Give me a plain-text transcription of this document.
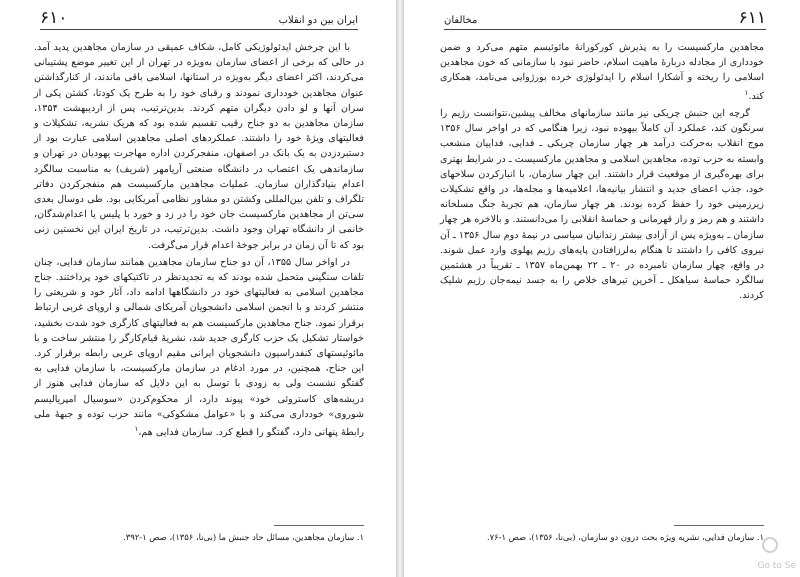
۶۱۰	ایران بین دو انقلاب

با این چرخش ایدئولوژیکی کامل، شکاف عمیقی در سازمان مجاهدین پدید آمد. در حالی که برخی از اعضای سازمان به‌ویژه در تهران از این تغییر موضع پشتیبانی می‌کردند، اکثر اعضای دیگر به‌ویژه در استانها، اسلامی باقی ماندند، از کنارگذاشتن عنوان مجاهدین خودداری نمودند و رقبای خود را به طرح یک کودتا، کشتن یکی از سران آنها و لو دادن دیگران متهم کردند. بدین‌ترتیب، پس از اردیبهشت ۱۳۵۴، سازمان مجاهدین به دو جناح رقیب تقسیم شده بود که هریک نشریه، تشکیلات و فعالیتهای ویژهٔ خود را داشتند. عملکردهای اصلی مجاهدین اسلامی عبارت بود از دستبردزدن به یک بانک در اصفهان، منفجرکردن اداره مهاجرت یهودیان در تهران و سازماندهی یک اعتصاب در دانشگاه صنعتی آریامهر (شریف) به مناسبت سالگرد اعدام بنیادگذاران سازمان. عملیات مجاهدین مارکسیست هم منفجرکردن دفاتر تلگراف و تلفن بین‌المللی وکشتن دو مشاور نظامی آمریکایی بود. طی دوسال بعدی سی‌تن از مجاهدین مارکسیست جان خود را در زد و خورد با پلیس یا اعدام‌شدگان، خانمی از دانشگاه تهران وجود داشت. بدین‌ترتیب، در تاریخ ایران این نخستین زنی بود که تا آن زمان در برابر جوخهٔ اعدام قرار می‌گرفت.

در اواخر سال ۱۳۵۵، آن دو جناح سازمان مجاهدین همانند سازمان فدایی، چنان تلفات سنگینی متحمل شده بودند که به تجدیدنظر در تاکتیکهای خود پرداختند. جناح مجاهدین اسلامی به فعالیتهای خود در دانشگاهها ادامه داد، آثار خود و شریعتی را منتشر کردند و با انجمن اسلامی دانشجویان آمریکای شمالی و اروپای غربی ارتباط برقرار نمود. جناح مجاهدین مارکسیست هم به فعالیتهای کارگری خود شدت بخشید، خواستار تشکیل یک حزب کارگری جدید شد، نشریهٔ قیام‌کارگر را منتشر ساخت و با مائوئیستهای کنفدراسیون دانشجویان ایرانی مقیم اروپای غربی رابطه برقرار کرد. این جناح، همچنین، در مورد ادغام در سازمان مارکسیست، با سازمان فدایی به گفتگو نشست ولی به زودی با توسل به این دلایل که سازمان فدایی هنوز از دریشه‌های کاستروئی خود» پیوند دارد، از محکوم‌کردن «سوسیال امپریالیسم شوروی» خودداری می‌کند و با «عوامل مشکوکی» مانند حزب توده و جبههٔ ملی رابطهٔ پنهانی دارد، گفتگو را قطع کرد. سازمان فدایی هم،$^۱$

۱. سازمان مجاهدین، مسائل حاد جنبش ما (بی‌نا، ۱۳۵۶)، صص ۱-۳۹۲.
مخالفان	۶۱۱

مجاهدین مارکسیست را به پذیرش کورکورانهٔ مائوئیسم متهم می‌کرد و ضمن خودداری از مجادله دربارهٔ ماهیت اسلام، حاضر نبود با سازمانی که خون مجاهدین اسلامی را ریخته و آشکارا اسلام را ایدئولوژی خرده بورژوایی می‌نامد، همکاری کند.$^۱$

گرچه این جنبش چریکی نیز مانند سازمانهای مخالف پیشین،نتوانست رژیم را سرنگون کند، عملکرد آن کاملاً بیهوده نبود، زیرا هنگامی که در اواخر سال ۱۳۵۶ موج انقلاب به‌حرکت درآمد هر چهار سازمان چریکی ـ فدایی، فداییان منشعب وابسته به حزب توده، مجاهدین اسلامی و مجاهدین مارکسیست ـ در شرایط بهتری برای بهره‌گیری از موقعیت قرار داشتند. این چهار سازمان، با انبارکردن سلاحهای خود، جذب اعضای جدید و انتشار بیانیه‌ها، اعلامیه‌ها و مجله‌ها، در واقع تشکیلات زیرزمینی خود را حفظ کرده بودند. هر چهار سازمان، هم تجربهٔ جنگ مسلحانه داشتند و هم رمز و راز قهرمانی و حماسهٔ انقلابی را می‌دانستند. و بالاخره هر چهار سازمان ـ به‌ویژه پس از آزادی بیشتر زندانیان سیاسی در نیمهٔ دوم سال ۱۳۵۶ ـ آن نیروی کافی را داشتند تا هنگام به‌لرزافتادن پایه‌های رژیم پهلوی وارد عمل شوند. در واقع، چهار سازمان نامبرده در ۲۰ ـ ۲۲ بهمن‌ماه ۱۳۵۷ ـ تقریباً در هشتمین سالگرد حماسهٔ سیاهکل ـ آخرین تیرهای خلاص را به جسد نیمه‌جان رژیم شلیک کردند.

۱. سازمان فدایی، نشریه ویژه بحث درون دو سازمان، (بی‌نا، ۱۳۵۶)، صص ۱-۷۶.
Go to Se
